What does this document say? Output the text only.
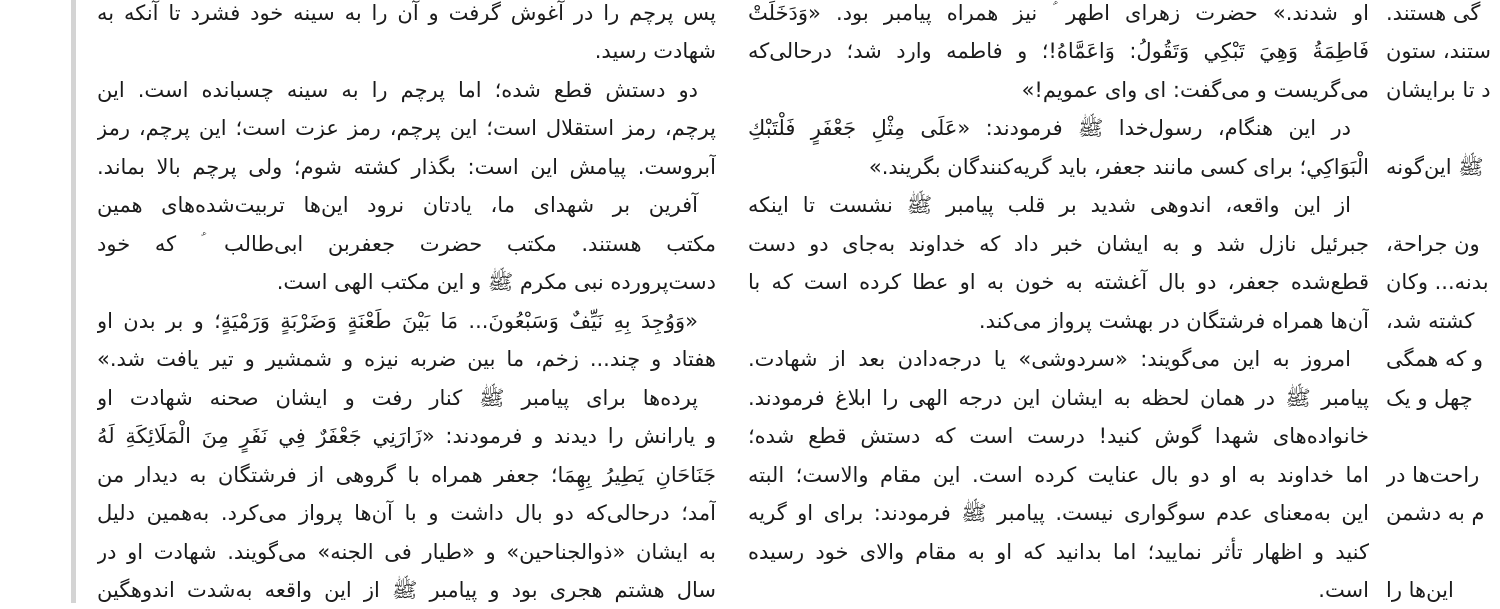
پس پرچم را در آغوش گرفت و آن را به سینه خود فشرد تا آنکه به
شهادت رسید.
دو دستش قطع شده؛ اما پرچم را به سینه چسبانده است. این
پرچم، رمز استقلال است؛ این پرچم، رمز عزت است؛ این پرچم، رمز
آبروست. پیامش این است: بگذار کشته شوم؛ ولی پرچم بالا بماند.
آفرین بر شهدای ما، یادتان نرود این‌ها تربیت‌شده‌های همین
مکتب هستند. مکتب حضرت جعفربن ابی‌طالب ؑ که خود
دست‌پرورده نبی مکرم ﷺ و این مکتب الهی است.
«وَوُجِدَ بِهِ نَيِّفٌ وَسَبْعُونَ... مَا بَيْنَ طَعْنَةٍ وَضَرْبَةٍ وَرَمْيَةٍ؛ و بر بدن او
هفتاد و چند... زخم، ما بین ضربه نیزه و شمشیر و تیر یافت شد.»
پرده‌ها برای پیامبر ﷺ کنار رفت و ایشان صحنه شهادت او
و یارانش را دیدند و فرمودند: «زَارَنِي جَعْفَرٌ فِي نَفَرٍ مِنَ الْمَلَائِكَةِ لَهُ
جَنَاحَانِ يَطِيرُ بِهِمَا؛ جعفر همراه با گروهی از فرشتگان به دیدار من
آمد؛ درحالی‌که دو بال داشت و با آن‌ها پرواز می‌کرد. به‌همین دلیل
به ایشان «ذوالجناحین» و «طیار فی الجنه» می‌گویند. شهادت او در
سال هشتم هجری بود و پیامبر ﷺ از این واقعه به‌شدت اندوهگین
او شدند.» حضرت زهرای اطهر ؑ نیز همراه پیامبر بود. «وَدَخَلَتْ
فَاطِمَةُ وَهِيَ تَبْكِي وَتَقُولُ: وَاعَمَّاهُ!؛ و فاطمه وارد شد؛ درحالی‌که
می‌گریست و می‌گفت: ای وای عمویم!»
در این هنگام، رسول‌خدا ﷺ فرمودند: «عَلَى مِثْلِ جَعْفَرٍ فَلْتَبْكِ
الْبَوَاكِي؛ برای کسی مانند جعفر، باید گریه‌کنندگان بگریند.»
از این واقعه، اندوهی شدید بر قلب پیامبر ﷺ نشست تا اینکه
جبرئیل نازل شد و به ایشان خبر داد که خداوند به‌جای دو دست
قطع‌شده جعفر، دو بال آغشته به خون به او عطا کرده است که با
آن‌ها همراه فرشتگان در بهشت پرواز می‌کند.
امروز به این می‌گویند: «سردوشی» یا درجه‌دادن بعد از شهادت.
پیامبر ﷺ در همان لحظه به ایشان این درجه الهی را ابلاغ فرمودند.
خانواده‌های شهدا گوش کنید! درست است که دستش قطع شده؛
اما خداوند به او دو بال عنایت کرده است. این مقام والاست؛ البته
این به‌معنای عدم سوگواری نیست. پیامبر ﷺ فرمودند: برای او گریه
کنید و اظهار تأثر نمایید؛ اما بدانید که او به مقام والای خود رسیده
است.
گی هستند.
ستند، ستون
د تا برایشان
ﷺ این‌گونه
ون جراحة،
بدنه... وکان
کشته شد،
و که همگی
چهل و یک
راحت‌ها در
م به دشمن
این‌ها را
